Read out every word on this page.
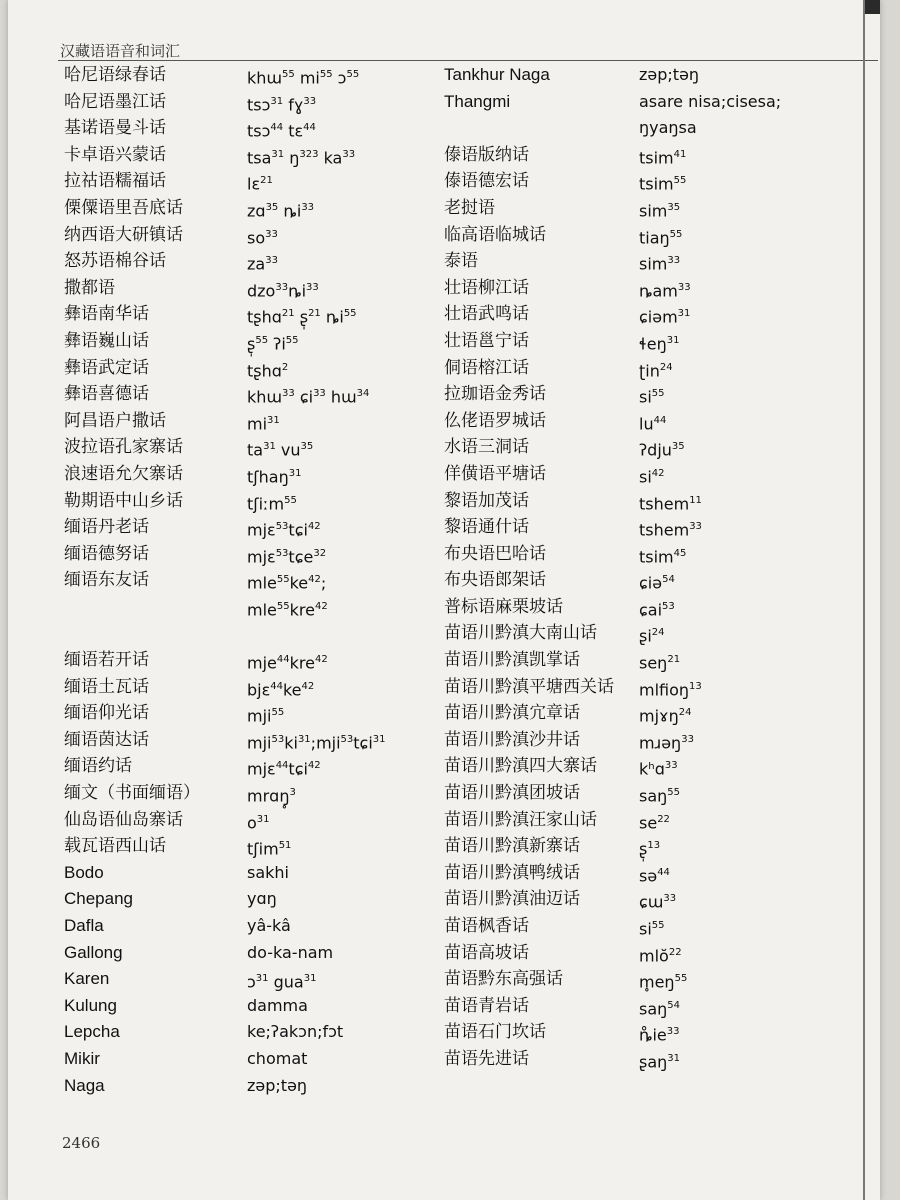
汉藏语语音和词汇
哈尼语绿春话	khɯ$^{55}$ $mi^{55}$ ɔ$^{55}$
哈尼语墨江话	tsɔ$^{31}$ fɣ$^{33}$
基诺语曼斗话	tsɔ$^{44}$ tɛ$^{44}$
卡卓语兴蒙话	tsa$^{31}$ $ŋ^{323}$ $ka^{33}$
拉祜语糯福话	lɛ$^{21}$
傈僳语里吾底话	zɑ$^{35}$ $ȵi^{33}$
纳西语大研镇话	$so^{33}$
怒苏语棉谷话	$za^{33}$
撒都语	$dzo^{33}ȵi^{33}$
彝语南华话	tʂhɑ$^{21}$ ʂ̩$^{21}$ $ȵi^{55}$
彝语巍山话	ʂ̩$^{55}$ ʔi$^{55}$
彝语武定话	tʂhɑ$^2$
彝语喜德话	khɯ$^{33}$ ɕi$^{33}$ hɯ$^{34}$
阿昌语户撒话	$mi^{31}$
波拉语孔家寨话	$ta^{31}$ $vu^{35}$
浪速语允欠寨话	tʃhaŋ$^{31}$
勒期语中山乡话	tʃiːm$^{55}$
缅语丹老话	mjɛ$^{53}$tɕi$^{42}$
缅语德努话	mjɛ$^{53}$tɕe$^{32}$
缅语东友话	$mle^{55}ke^{42}$;
mle$^{55}$kre$^{42}$
缅语若开话	mje$^{44}$kre$^{42}$
缅语土瓦话	$bjɛ^{44}ke^{42}$
缅语仰光话	mji$^{55}$
缅语茵达话	$mji^{53}ki^{31};mji^{53}tɕi^{31}$
缅语约话	mjɛ$^{44}$tɕi$^{42}$
缅文（书面缅语）	mrɑŋ̥$^3$
仙岛语仙岛寨话	$o^{31}$
载瓦语西山话	tʃim$^{51}$
Bodo	sakhi
Chepang	yɑŋ
Dafla	yâ-kâ
Gallong	do-ka-nam
Karen	ɔ$^{31}$ gua$^{31}$
Kulung	damma
Lepcha	ke;ʔakɔn;fɔt
Mikir	chomat
Naga	zəp;təŋ
Tankhur Naga	zəp;təŋ
Thangmi	asare nisa;cisesa;
ŋyaŋsa
傣语版纳话	tsim$^{41}$
傣语德宏话	tsim$^{55}$
老挝语	sim$^{35}$
临高语临城话	tiaŋ$^{55}$
泰语	sim$^{33}$
壮语柳江话	ȵam$^{33}$
壮语武鸣话	ɕiəm$^{31}$
壮语邕宁话	ɬeŋ$^{31}$
侗语榕江话	ʈin$^{24}$
拉珈语金秀话	$si^{55}$
仫佬语罗城话	$lu^{44}$
水语三洞话	ʔdju$^{35}$
佯僙语平塘话	$si^{42}$
黎语加茂话	tshem$^{11}$
黎语通什话	tshem$^{33}$
布央语巴哈话	tsim$^{45}$
布央语郎架话	ɕiə$^{54}$
普标语麻栗坡话	ɕai$^{53}$
苗语川黔滇大南山话	ʂi$^{24}$
苗语川黔滇凯掌话	seŋ$^{21}$
苗语川黔滇平塘西关话 mlfioŋ$^{13}$
苗语川黔滇宂章话	mjɤŋ$^{24}$
苗语川黔滇沙井话	mɹəŋ$^{33}$
苗语川黔滇四大寨话	kʰɑ$^{33}$
苗语川黔滇团坡话	saŋ$^{55}$
苗语川黔滇汪家山话	$se^{22}$
苗语川黔滇新寨话	ʂ̩$^{13}$
苗语川黔滇鸭绒话	sə$^{44}$
苗语川黔滇油迈话	ɕɯ$^{33}$
苗语枫香话	$si^{55}$
苗语高坡话	mlŏ$^{22}$
苗语黔东高强话	$m̥eŋ^{55}$
苗语青岩话	saŋ$^{54}$
苗语石门坎话	$ȵ̊ie^{33}$
苗语先进话	ʂaŋ$^{31}$
2466
